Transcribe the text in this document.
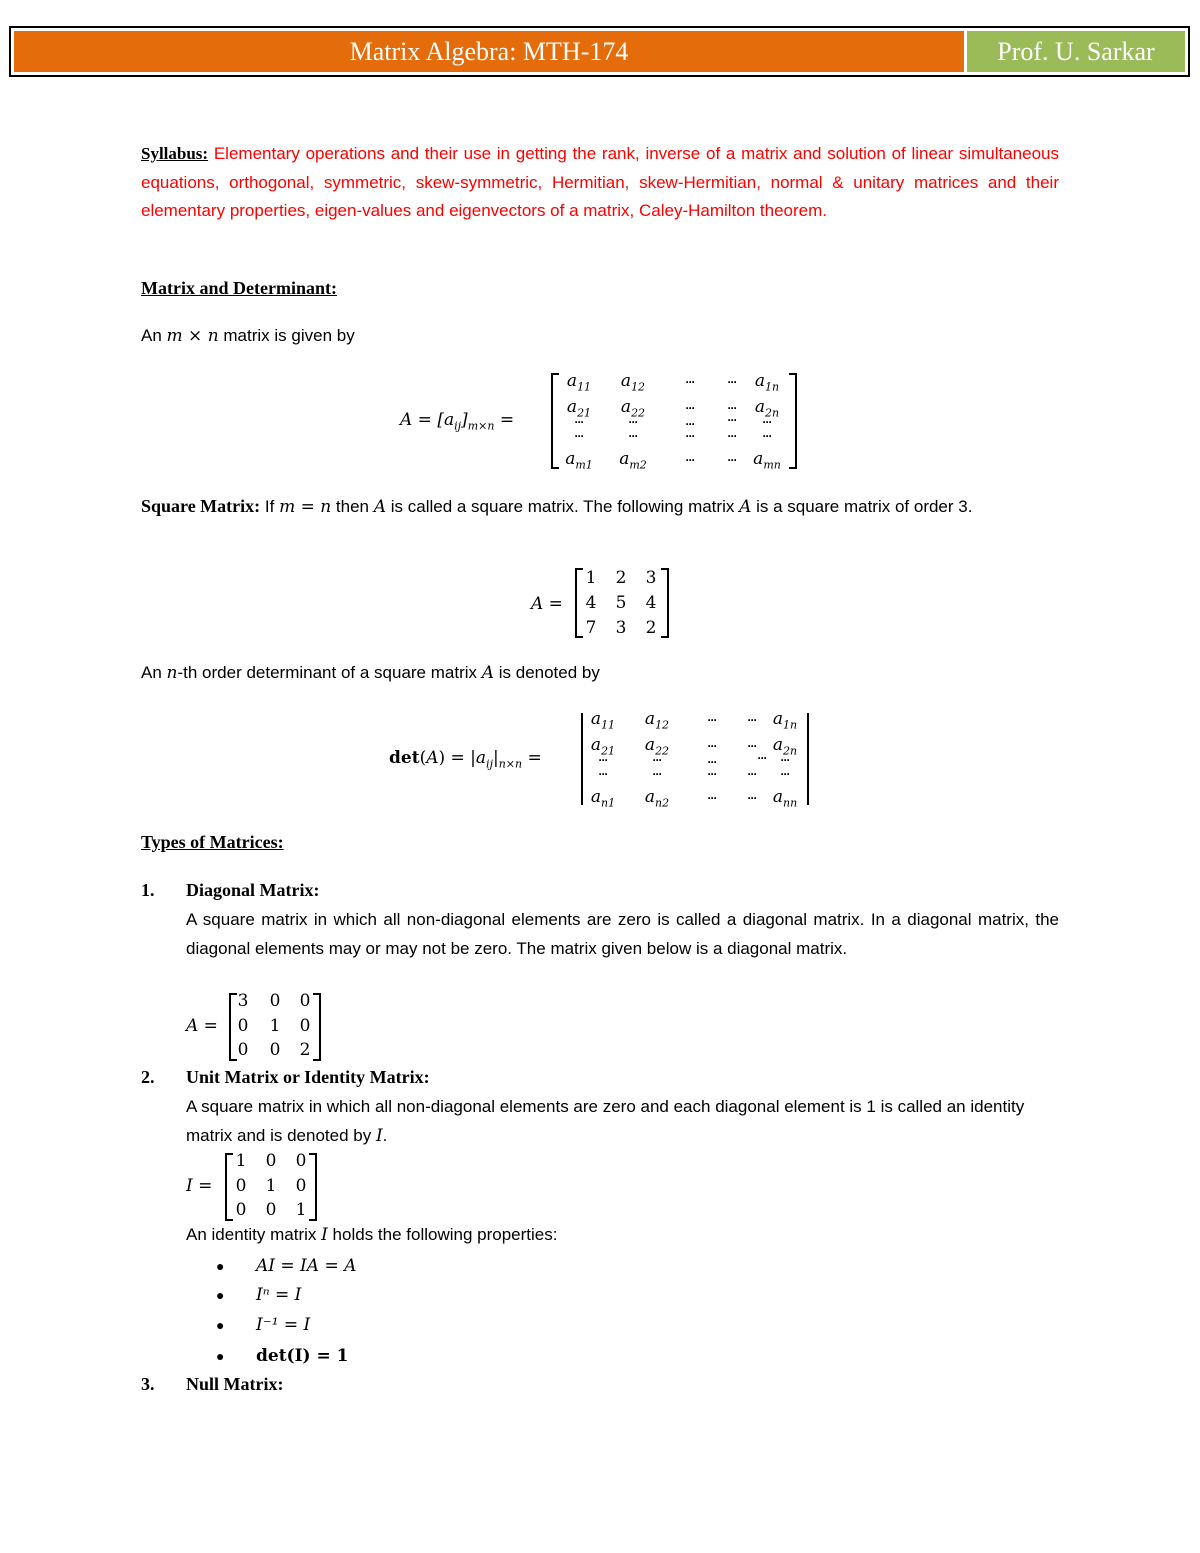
Matrix Algebra: MTH-174	Prof. U. Sarkar
Syllabus: Elementary operations and their use in getting the rank, inverse of a matrix and solution of linear simultaneous equations, orthogonal, symmetric, skew-symmetric, Hermitian, skew-Hermitian, normal & unitary matrices and their elementary properties, eigen-values and eigenvectors of a matrix, Caley-Hamilton theorem.
Matrix and Determinant:
An m × n matrix is given by
$A = [a_{ij}]_{m\times n}$ =
$a_{11}$	$a_{12}$	···	···	$a_{1n}$
$a_{21}$	$a_{22}$	···	···	$a_{2n}$
···	···	···	···	···
···	···	···	···	···
$a_{m1}$	$a_{m2}$	···	··· $a_{mn}$
Square Matrix: If m = n then A is called a square matrix. The following matrix A is a square matrix of order 3.
A =
1	2	3
4	5	4
7	3	2
An n-th order determinant of a square matrix A is denoted by
$\det(A) = |a_{ij}|_{n\times n}$ =
$a_{11}$	$a_{12}$	···	··· $a_{1n}$
$a_{21}$	$a_{22}$	···	··· $a_{2n}$
···	···	···	···	···
···	···	···	···	···
$a_{n1}$	$a_{n2}$	···	··· $a_{nn}$
Types of Matrices:
1. Diagonal Matrix:
A square matrix in which all non-diagonal elements are zero is called a diagonal matrix. In a diagonal matrix, the diagonal elements may or may not be zero. The matrix given below is a diagonal matrix.
A =
3	0	0
0	1	0
0	0	2
2. Unit Matrix or Identity Matrix:
A square matrix in which all non-diagonal elements are zero and each diagonal element is 1 is called an identity matrix and is denoted by I.
I =
1	0	0
0	1	0
0	0	1
An identity matrix I holds the following properties:
● AI = IA = A
● Iⁿ = I
● I⁻¹ = I
● det(I) = 1
3. Null Matrix:
